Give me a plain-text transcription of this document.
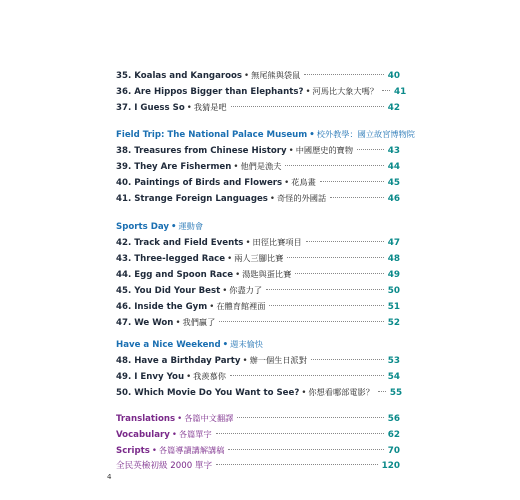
35. Koalas and Kangaroos • 無尾熊與袋鼠	40
36. Are Hippos Bigger than Elephants? • 河馬比大象大嗎？ 41
37. I Guess So • 我猜是吧	42
Field Trip: The National Palace Museum • 校外教學：國立故宮博物院
38. Treasures from Chinese History • 中國歷史的寶物	43
39. They Are Fishermen • 他們是漁夫	44
40. Paintings of Birds and Flowers • 花鳥畫	45
41. Strange Foreign Languages • 奇怪的外國話	46
Sports Day • 運動會
42. Track and Field Events • 田徑比賽項目	47
43. Three-legged Race • 兩人三腳比賽	48
44. Egg and Spoon Race • 湯匙與蛋比賽	49
45. You Did Your Best • 你盡力了	50
46. Inside the Gym • 在體育館裡面	51
47. We Won • 我們贏了	52
Have a Nice Weekend • 週末愉快
48. Have a Birthday Party • 辦一個生日派對	53
49. I Envy You • 我羨慕你	54
50. Which Movie Do You Want to See? • 你想看哪部電影？ 55
Translations • 各篇中文翻譯	56
Vocabulary • 各篇單字	62
Scripts • 各篇導讀講解講稿	70
全民英檢初級 2000 單字	120
4
